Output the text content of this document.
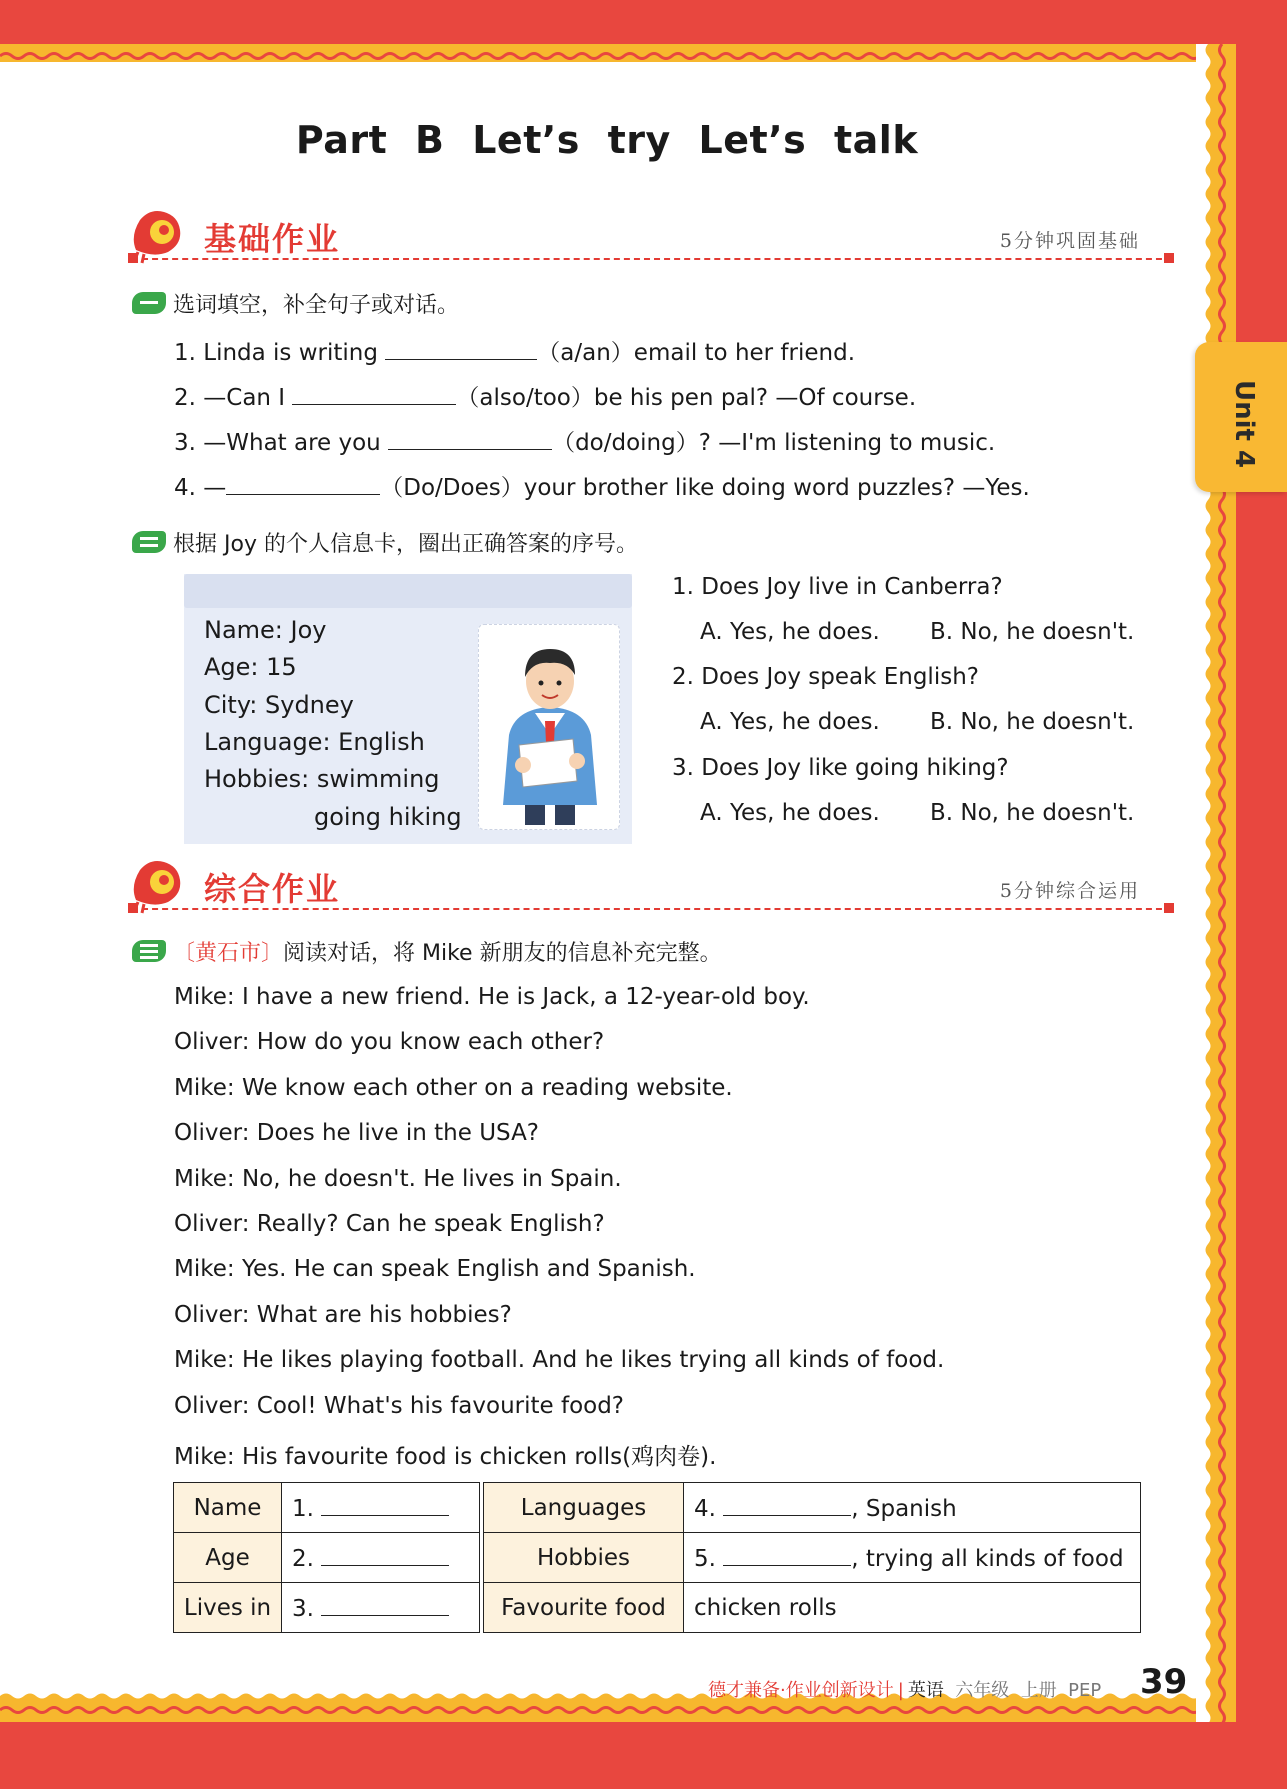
Part B Let’s try Let’s talk
Unit 4
基础作业	5分钟巩固基础
选词填空，补全句子或对话。
1. Linda is writing	（a/an）email to her friend.
2. —Can I	（also/too）be his pen pal? —Of course.
3. —What are you	（do/doing）? —I'm listening to music.
4. —	（Do/Does）your brother like doing word puzzles? —Yes.
根据 Joy 的个人信息卡，圈出正确答案的序号。
Name: Joy
Age: 15
City: Sydney
Language: English
Hobbies: swimming
going hiking
1. Does Joy live in Canberra?
A. Yes, he does. B. No, he doesn't.
2. Does Joy speak English?
A. Yes, he does. B. No, he doesn't.
3. Does Joy like going hiking?
A. Yes, he does. B. No, he doesn't.
综合作业	5分钟综合运用
〔黄石市〕阅读对话，将 Mike 新朋友的信息补充完整。
Mike: I have a new friend. He is Jack, a 12-year-old boy.
Oliver: How do you know each other?
Mike: We know each other on a reading website.
Oliver: Does he live in the USA?
Mike: No, he doesn't. He lives in Spain.
Oliver: Really? Can he speak English?
Mike: Yes. He can speak English and Spanish.
Oliver: What are his hobbies?
Mike: He likes playing football. And he likes trying all kinds of food.
Oliver: Cool! What's his favourite food?
Mike: His favourite food is chicken rolls(鸡肉卷).
Name	1.		Languages	4. , Spanish
Age	2.		Hobbies	5. , trying all kinds of food
Lives in	3.		Favourite food	chicken rolls
德才兼备·作业创新设计 | 英语 六年级 上册 PEP 39
